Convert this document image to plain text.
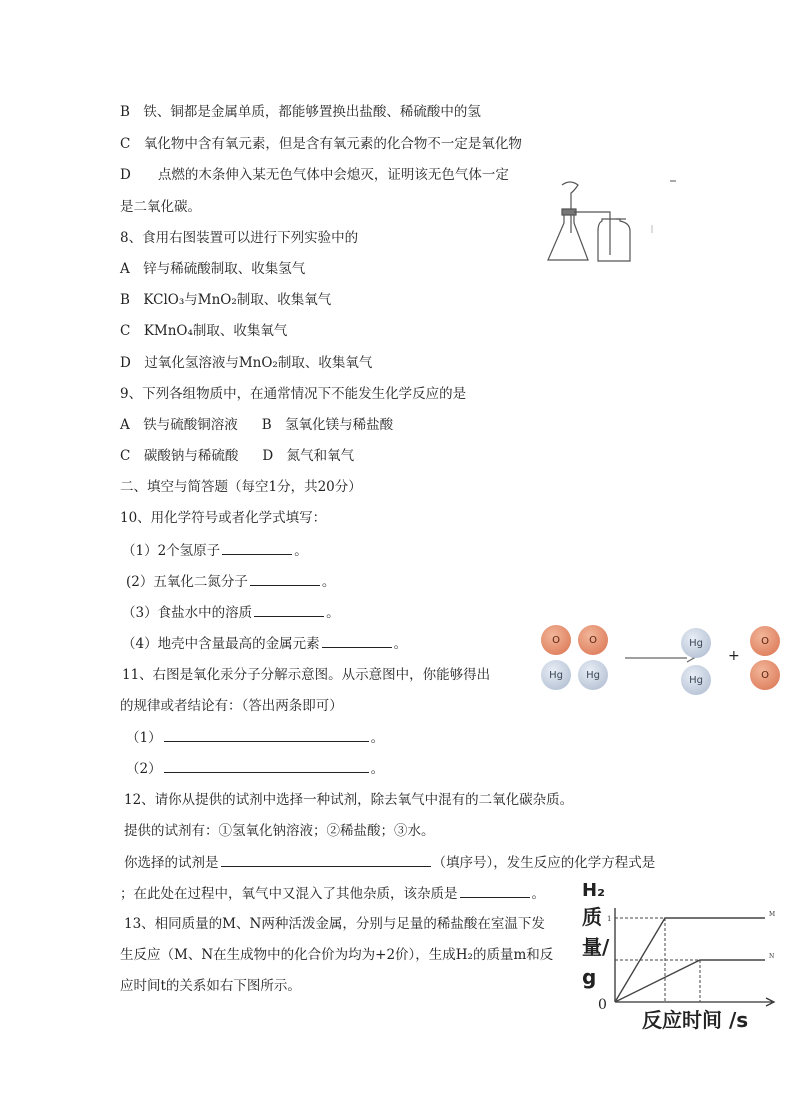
B　铁、铜都是金属单质，都能够置换出盐酸、稀硫酸中的氢
C　氧化物中含有氧元素，但是含有氧元素的化合物不一定是氧化物
D　　点燃的木条伸入某无色气体中会熄灭，证明该无色气体一定
是二氧化碳。
8、食用右图装置可以进行下列实验中的
A　锌与稀硫酸制取、收集氢气
B　KClO₃与MnO₂制取、收集氧气
C　KMnO₄制取、收集氧气
D　过氧化氢溶液与MnO₂制取、收集氧气
9、下列各组物质中，在通常情况下不能发生化学反应的是
A　铁与硫酸铜溶液 B　氢氧化镁与稀盐酸
C　碳酸钠与稀硫酸 D　氮气和氧气
二、填空与简答题（每空1分，共20分）
10、用化学符号或者化学式填写：
（1）2个氢原子	。
(2）五氧化二氮分子	。
（3）食盐水中的溶质	。
（4）地壳中含量最高的金属元素	。
11、右图是氧化汞分子分解示意图。从示意图中，你能够得出
的规律或者结论有：（答出两条即可）
（1）	。
（2）	。
12、请你从提供的试剂中选择一种试剂，除去氧气中混有的二氧化碳杂质。
提供的试剂有：①氢氧化钠溶液；②稀盐酸；③水。
你选择的试剂是	（填序号），发生反应的化学方程式是
；在此处在过程中，氧气中又混入了其他杂质，该杂质是	。
13、相同质量的M、N两种活泼金属，分别与足量的稀盐酸在室温下发
生反应（M、N在生成物中的化合价为均为+2价），生成H₂的质量m和反
应时间t的关系如右下图所示。
O
Hg
O
Hg
Hg
Hg
+
O
O
H₂
质量/g
0
反应时间 /s
1
M
N
